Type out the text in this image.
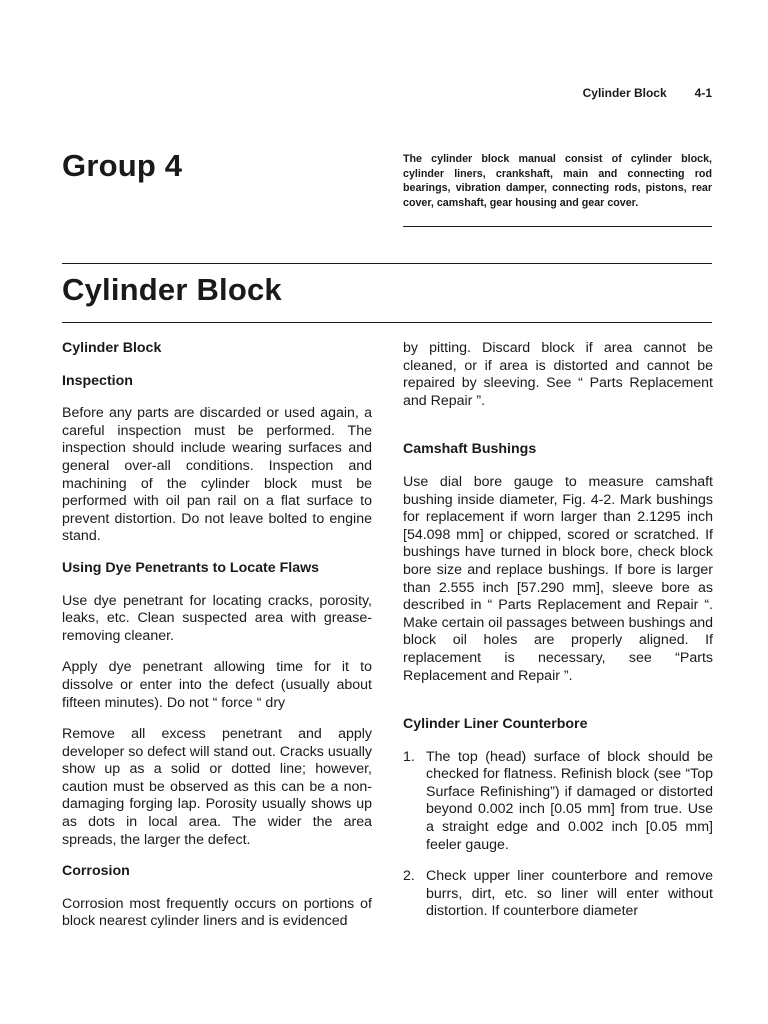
Cylinder Block 4-1
Group 4	The cylinder block manual consist of cylinder block, cylinder liners, crankshaft, main and connecting rod bearings, vibration damper, connecting rods, pistons, rear cover, camshaft, gear housing and gear cover.

Cylinder Block
Cylinder Block
Inspection

Before any parts are discarded or used again, a careful inspection must be performed. The inspection should include wearing surfaces and general over-all conditions. Inspection and machining of the cylinder block must be performed with oil pan rail on a flat surface to prevent distortion. Do not leave bolted to engine stand.

Using Dye Penetrants to Locate Flaws

Use dye penetrant for locating cracks, porosity, leaks, etc. Clean suspected area with grease-removing cleaner.

Apply dye penetrant allowing time for it to dissolve or enter into the defect (usually about fifteen minutes). Do not “ force “ dry

Remove all excess penetrant and apply developer so defect will stand out. Cracks usually show up as a solid or dotted line; however, caution must be observed as this can be a non-damaging forging lap. Porosity usually shows up as dots in local area. The wider the area spreads, the larger the defect.

Corrosion

Corrosion most frequently occurs on portions of block nearest cylinder liners and is evidenced

by pitting. Discard block if area cannot be cleaned, or if area is distorted and cannot be repaired by sleeving. See “ Parts Replacement and Repair ”.

Camshaft Bushings

Use dial bore gauge to measure camshaft bushing inside diameter, Fig. 4-2. Mark bushings for replacement if worn larger than 2.1295 inch [54.098 mm] or chipped, scored or scratched. If bushings have turned in block bore, check block bore size and replace bushings. If bore is larger than 2.555 inch [57.290 mm], sleeve bore as described in “ Parts Replacement and Repair “. Make certain oil passages between bushings and block oil holes are properly aligned. If replacement is necessary, see “Parts Replacement and Repair ”.

Cylinder Liner Counterbore
1. The top (head) surface of block should be checked for flatness. Refinish block (see “Top Surface Refinishing”) if damaged or distorted beyond 0.002 inch [0.05 mm] from true. Use a straight edge and 0.002 inch [0.05 mm] feeler gauge.
2. Check upper liner counterbore and remove burrs, dirt, etc. so liner will enter without distortion. If counterbore diameter
